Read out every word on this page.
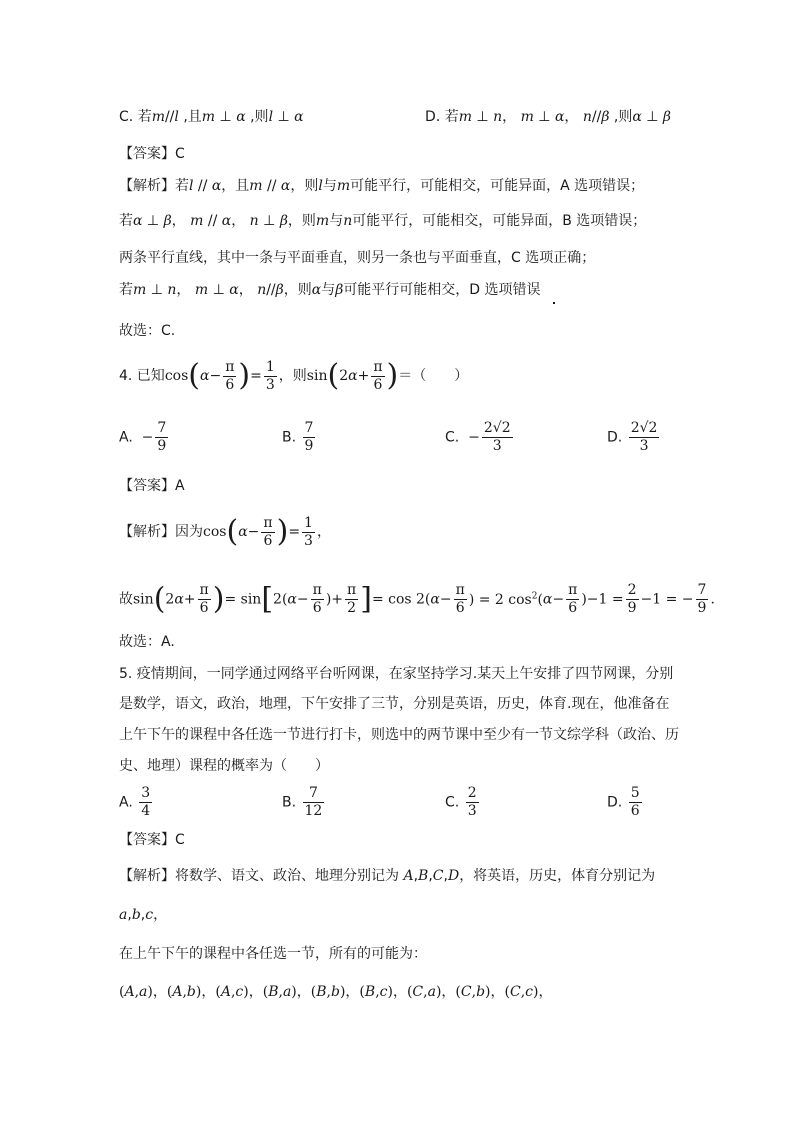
C. 若m//l ,且m ⊥ α ,则l ⊥ α	D. 若m ⊥ n， m ⊥ α， n//β ,则α ⊥ β
【答案】C
【解析】若l // α，且m // α，则l与m可能平行，可能相交，可能异面，A 选项错误；
若α ⊥ β， m // α， n ⊥ β，则m与n可能平行，可能相交，可能异面，B 选项错误；
两条平行直线，其中一条与平面垂直，则另一条也与平面垂直，C 选项正确；
若m ⊥ n， m ⊥ α， n//β，则α与β可能平行可能相交，D 选项错误
故选：C.
4. 已知$\cos(\alpha- \frac{\pi}{6}$ )= $\frac{1}{3}$ ，则$\sin(2\alpha+ \frac{\pi}{6}$ )＝（　　）
A.  − $\frac{7}{9}$	B. $\frac{7}{9}$	C.  − $\frac{2√2}{3}$	D. $\frac{2√2}{3}$
【答案】A
【解析】因为$\cos(\alpha- \frac{\pi}{6}$ )= $\frac{1}{3}$ ，
故$\sin(2\alpha+ \frac{\pi}{6}$ )= $\sin[2(\alpha- \frac{\pi}{6}$ )+ $\frac{\pi}{2}$ ]= $\cos 2(\alpha- \frac{\pi}{6}$ ) = 2 $\cos^2(\alpha- \frac{\pi}{6} )-1 = \frac{2}{9} -1$ = − $\frac{7}{9}$ .
故选：A.
5. 疫情期间，一同学通过网络平台听网课，在家坚持学习.某天上午安排了四节网课，分别
是数学，语文，政治，地理，下午安排了三节，分别是英语，历史，体育.现在，他准备在
上午下午的课程中各任选一节进行打卡，则选中的两节课中至少有一节文综学科（政治、历
史、地理）课程的概率为（　　）
A. $\frac{3}{4}$	B. $\frac{7}{12}$	C. $\frac{2}{3}$	D. $\frac{5}{6}$
【答案】C
【解析】将数学、语文、政治、地理分别记为 A,B,C,D，将英语，历史，体育分别记为
a,b,c，
在上午下午的课程中各任选一节，所有的可能为：
(A,a)，(A,b)，(A,c)，(B,a)，(B,b)，(B,c)，(C,a)，(C,b)，(C,c)，
